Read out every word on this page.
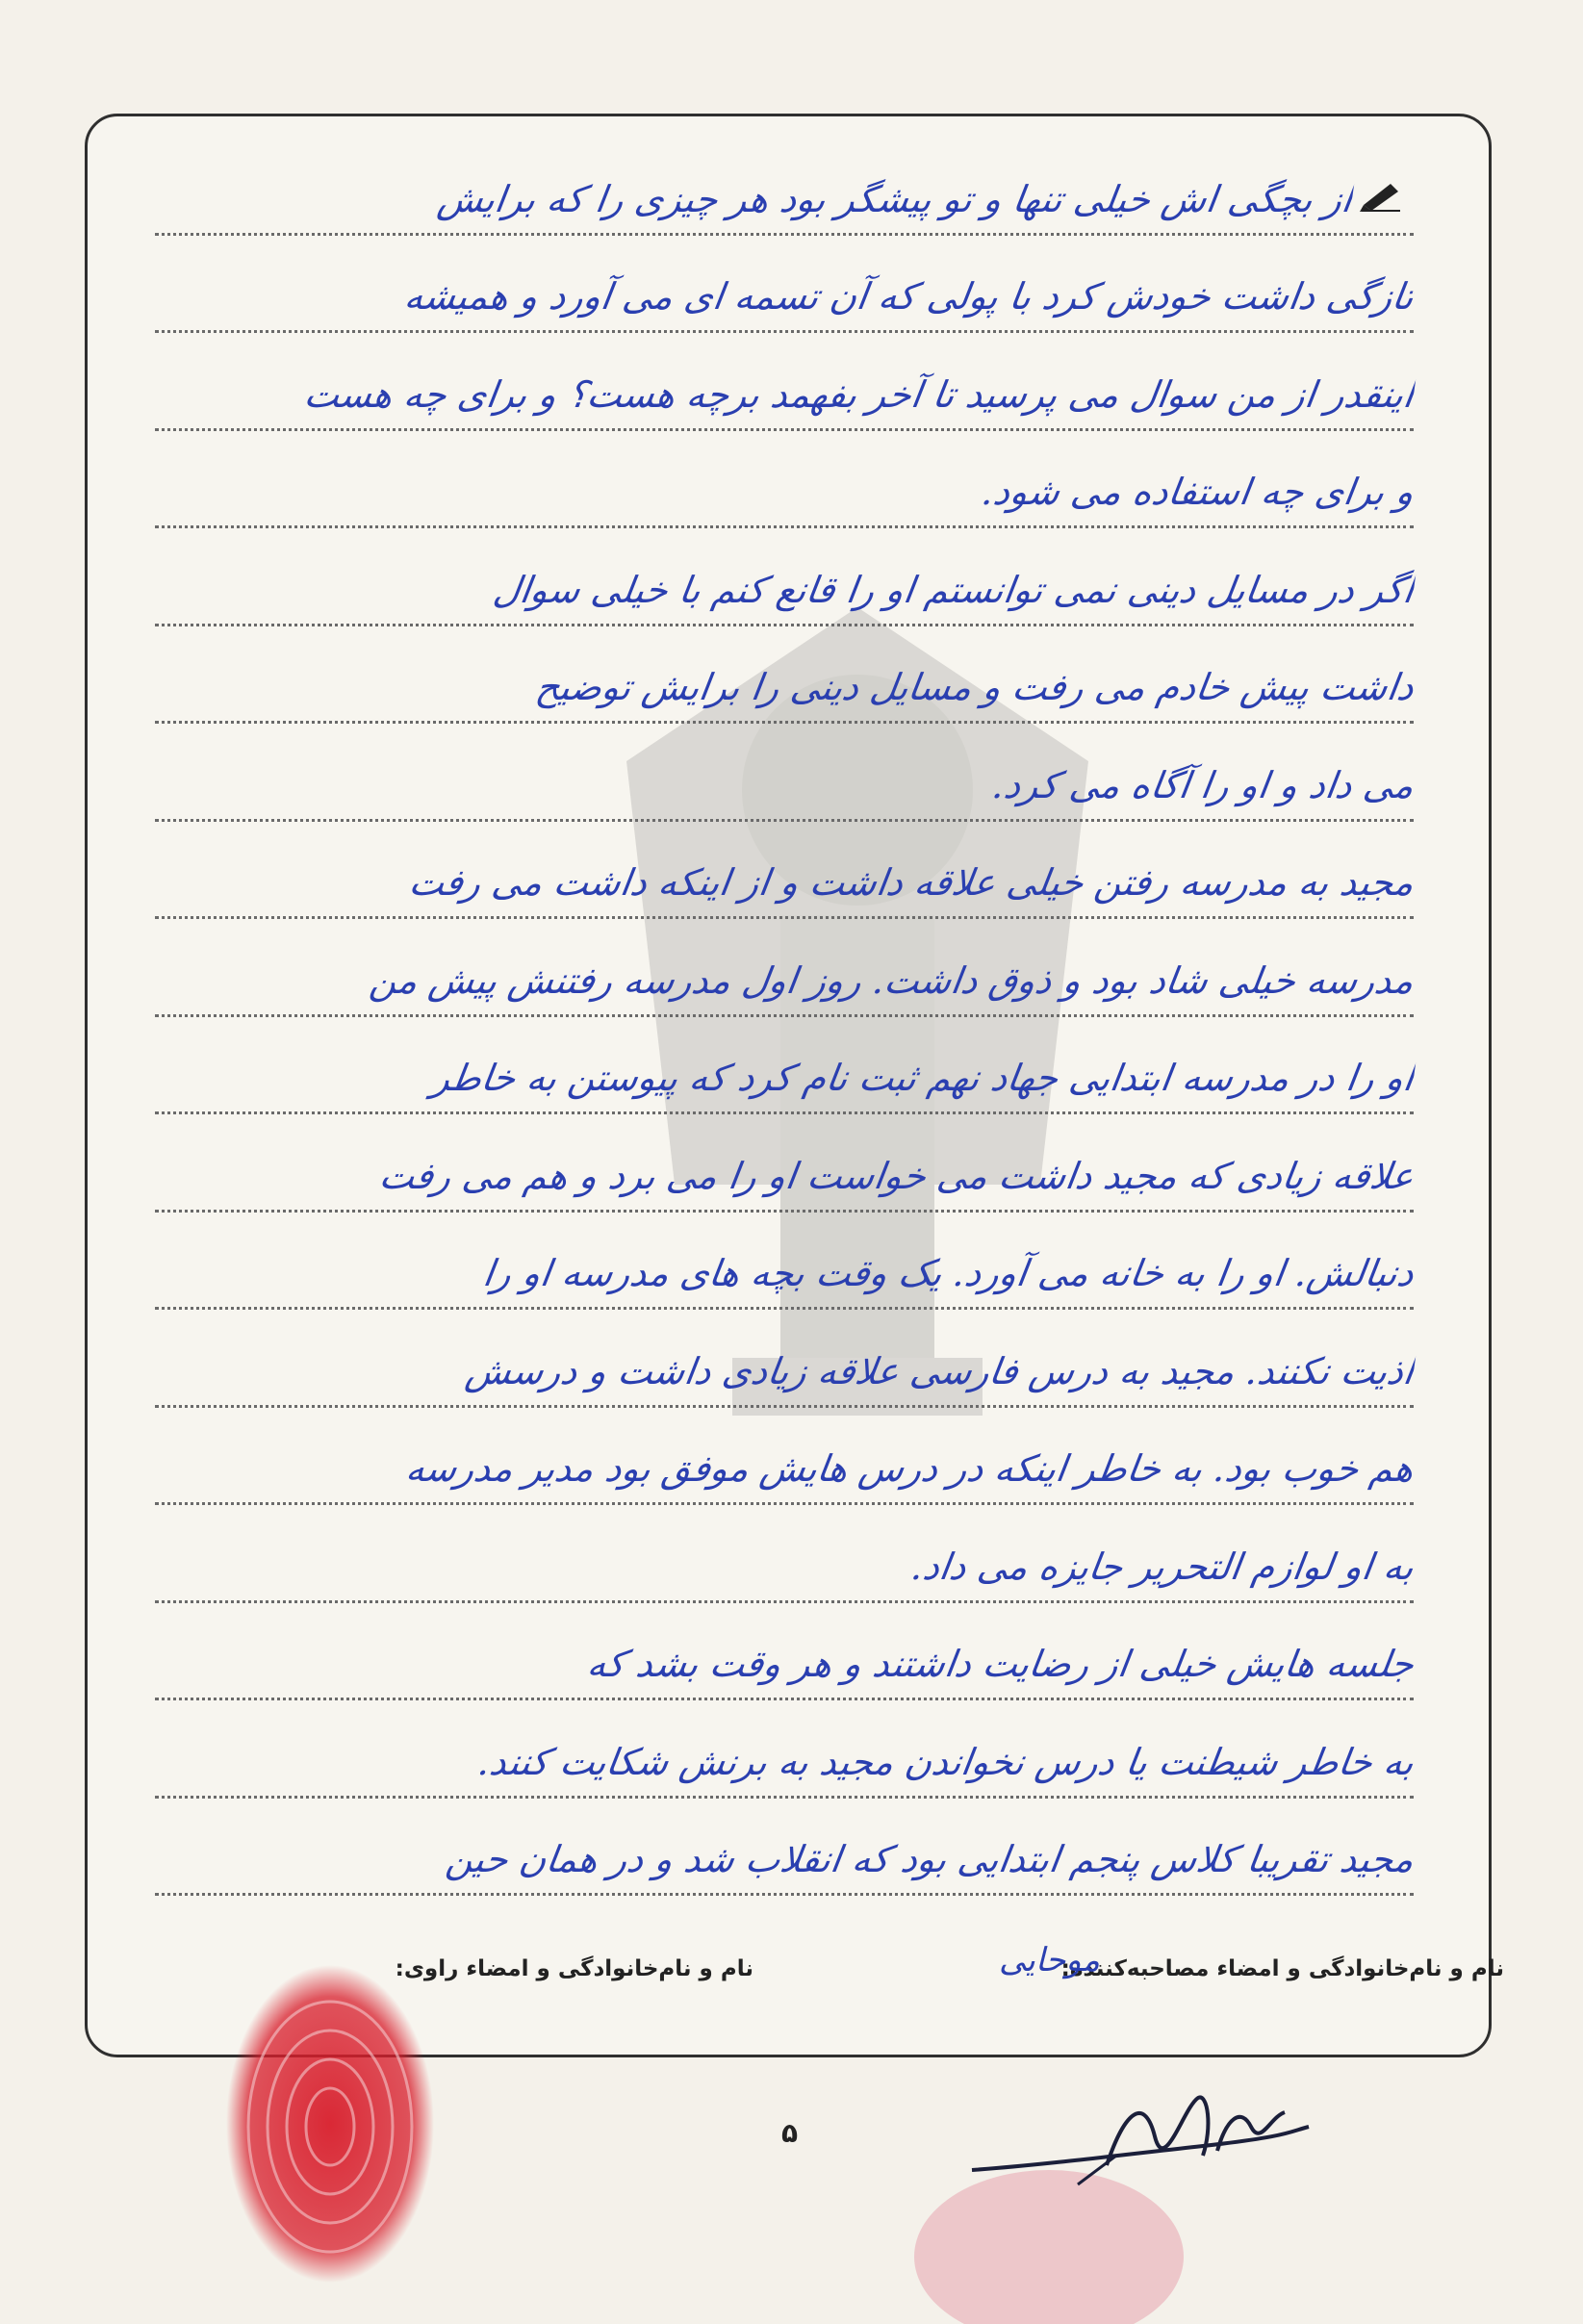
از بچگی اش خیلی تنها و تو پیشگر بود هر چیزی را که برایش
تازگی داشت خودش کرد با پولی که آن تسمه ای می آورد و همیشه
اینقدر از من سوال می پرسید تا آخر بفهمد برچه هست؟ و برای چه هست
و برای چه استفاده می شود.
اگر در مسایل دینی نمی توانستم او را قانع کنم با خیلی سوال
داشت پیش خادم می رفت و مسایل دینی را برایش توضیح
می داد و او را آگاه می کرد.
مجید به مدرسه رفتن خیلی علاقه داشت و از اینکه داشت می رفت
مدرسه خیلی شاد بود و ذوق داشت. روز اول مدرسه رفتنش پیش من
او را در مدرسه ابتدایی جهاد نهم ثبت نام کرد که پیوستن به خاطر
علاقه زیادی که مجید داشت می خواست او را می برد و هم می رفت
دنبالش. او را به خانه می آورد. یک وقت بچه های مدرسه او را
اذیت نکنند. مجید به درس فارسی علاقه زیادی داشت و درسش
هم خوب بود. به خاطر اینکه در درس هایش موفق بود مدیر مدرسه
به او لوازم التحریر جایزه می داد.
جلسه هایش خیلی از رضایت داشتند و هر وقت بشد که
به خاطر شیطنت یا درس نخواندن مجید به برنش شکایت کنند.
مجید تقریبا کلاس پنجم ابتدایی بود که انقلاب شد و در همان حین
نام و نام‌خانوادگی و امضاء مصاحبه‌کننده:
موحایی
نام و نام‌خانوادگی و امضاء راوی:
۵
